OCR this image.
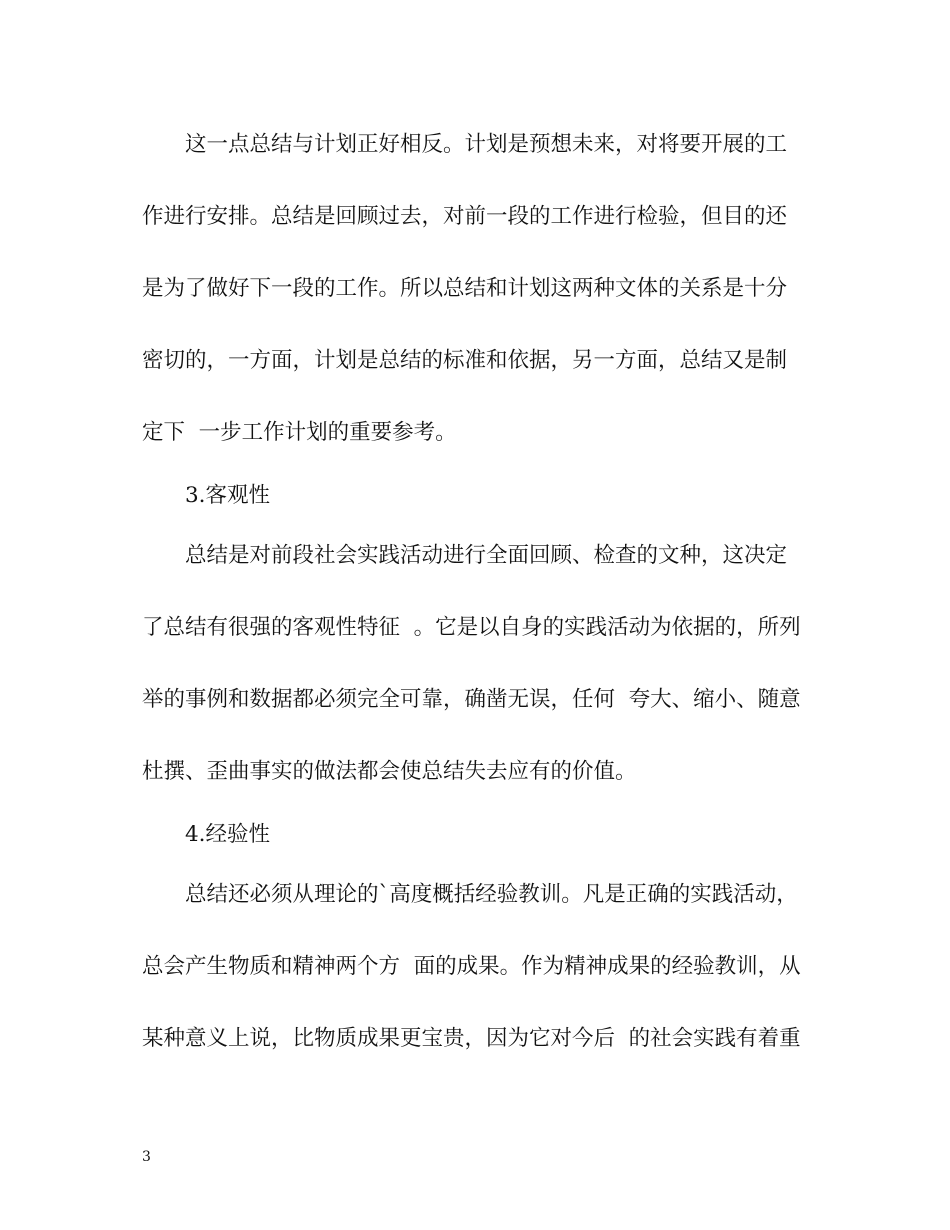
这一点总结与计划正好相反。计划是预想未来，对将要开展的工
作进行安排。总结是回顾过去，对前一段的工作进行检验，但目的还
是为了做好下一段的工作。所以总结和计划这两种文体的关系是十分
密切的，一方面，计划是总结的标准和依据，另一方面，总结又是制
定下  一步工作计划的重要参考。
3.客观性
总结是对前段社会实践活动进行全面回顾、检查的文种，这决定
了总结有很强的客观性特征  。它是以自身的实践活动为依据的，所列
举的事例和数据都必须完全可靠，确凿无误，任何  夸大、缩小、随意
杜撰、歪曲事实的做法都会使总结失去应有的价值。
4.经验性
总结还必须从理论的`高度概括经验教训。凡是正确的实践活动，
总会产生物质和精神两个方  面的成果。作为精神成果的经验教训，从
某种意义上说，比物质成果更宝贵，因为它对今后  的社会实践有着重
3
